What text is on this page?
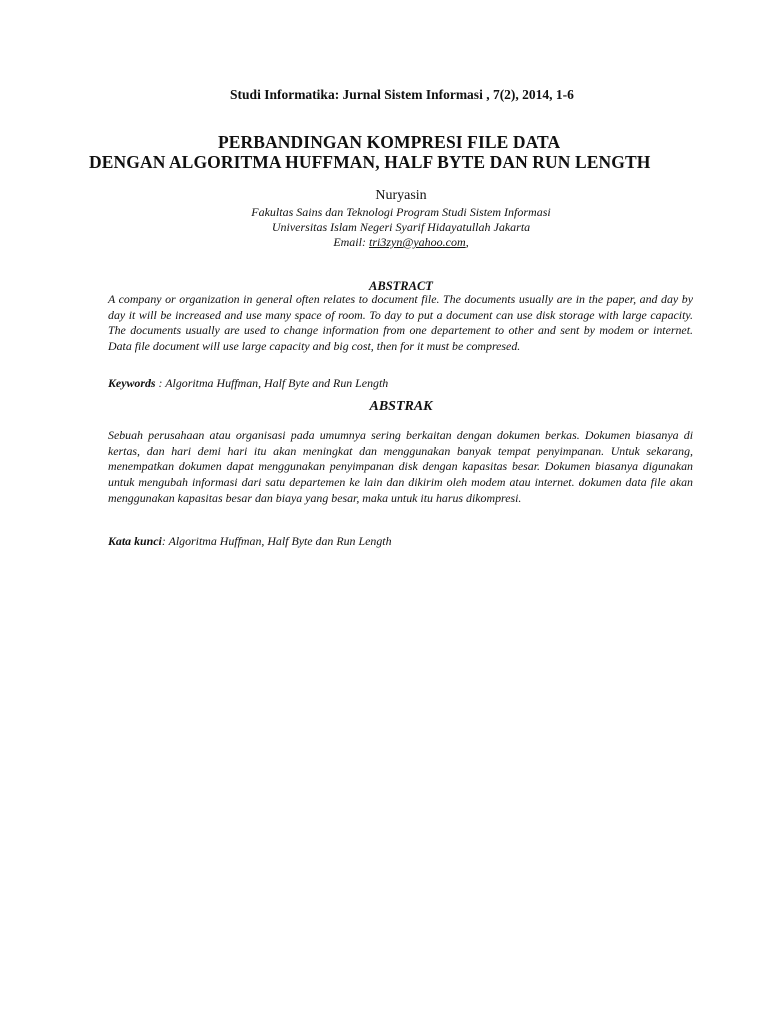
Studi Informatika: Jurnal Sistem Informasi , 7(2), 2014, 1-6
PERBANDINGAN KOMPRESI FILE DATA
DENGAN ALGORITMA HUFFMAN, HALF BYTE DAN RUN LENGTH
Nuryasin
Fakultas Sains dan Teknologi Program Studi Sistem Informasi
Universitas Islam Negeri Syarif Hidayatullah Jakarta
Email: tri3zyn@yahoo.com,
ABSTRACT
A company or organization in general often relates to document file. The documents usually are in the paper, and day by day it will be increased and use many space of room. To day to put a document can use disk storage with large capacity. The documents usually are used to change information from one departement to other and sent by modem or internet. Data file document will use large capacity and big cost, then for it must be compresed.
Keywords : Algoritma Huffman, Half Byte and Run Length
ABSTRAK
Sebuah perusahaan atau organisasi pada umumnya sering berkaitan dengan dokumen berkas. Dokumen biasanya di kertas, dan hari demi hari itu akan meningkat dan menggunakan banyak tempat penyimpanan. Untuk sekarang, menempatkan dokumen dapat menggunakan penyimpanan disk dengan kapasitas besar. Dokumen biasanya digunakan untuk mengubah informasi dari satu departemen ke lain dan dikirim oleh modem atau internet. dokumen data file akan menggunakan kapasitas besar dan biaya yang besar, maka untuk itu harus dikompresi.
Kata kunci: Algoritma Huffman, Half Byte dan Run Length
